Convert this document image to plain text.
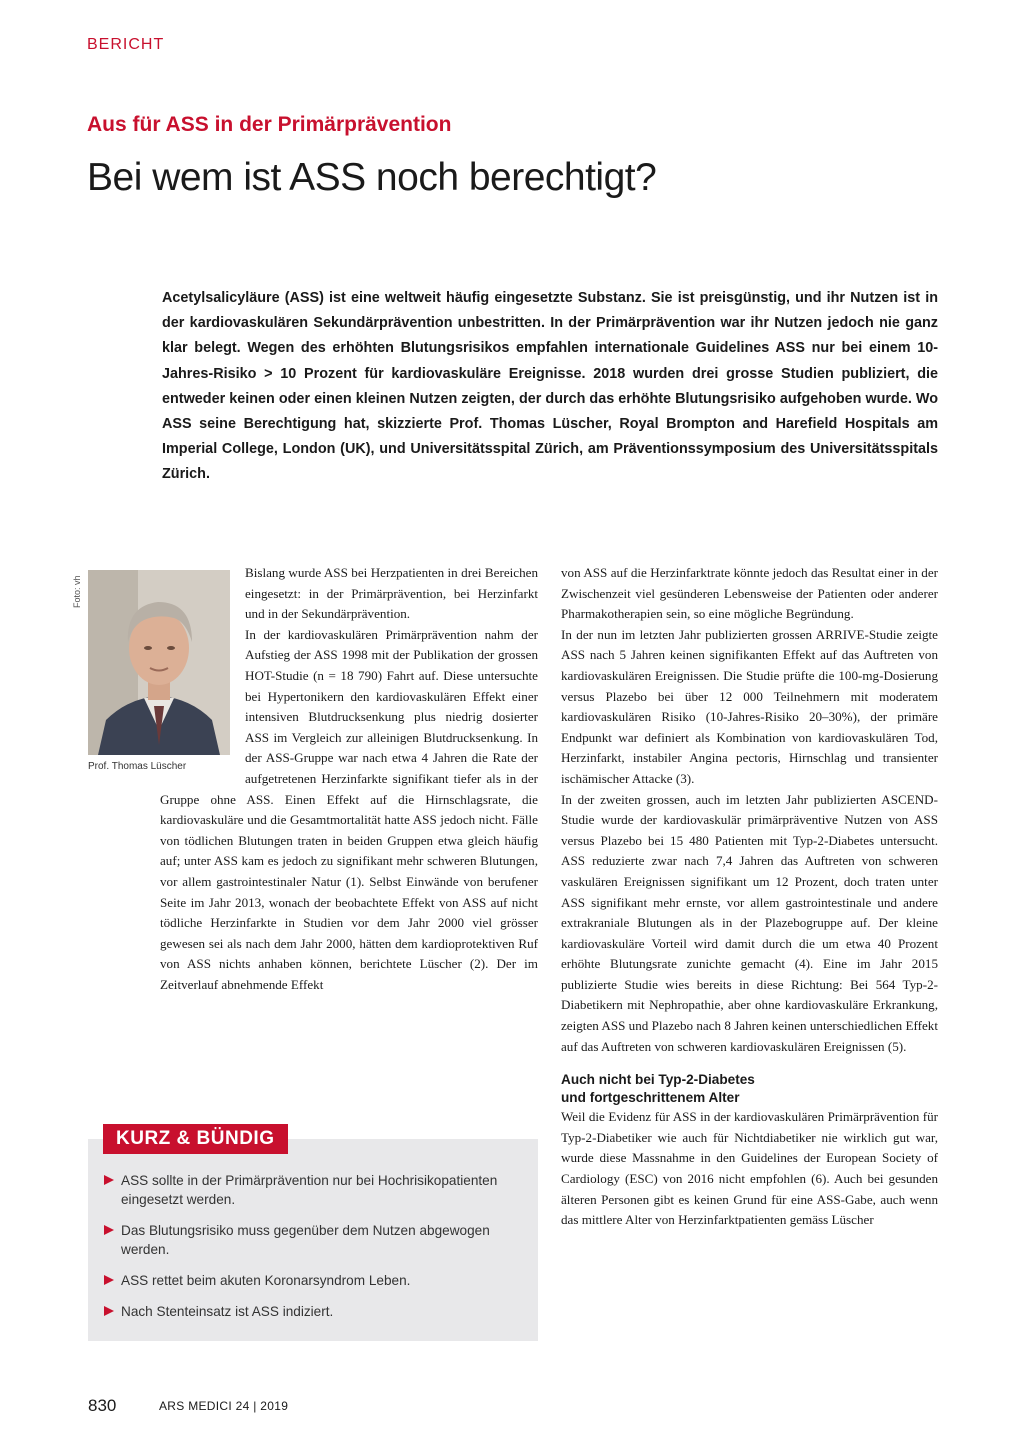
BERICHT
Aus für ASS in der Primärprävention
Bei wem ist ASS noch berechtigt?

Acetylsalicyläure (ASS) ist eine weltweit häufig eingesetzte Substanz. Sie ist preisgünstig, und ihr Nutzen ist in der kardiovaskulären Sekundärprävention unbestritten. In der Primärprävention war ihr Nutzen jedoch nie ganz klar belegt. Wegen des erhöhten Blutungsrisikos empfahlen internationale Guidelines ASS nur bei einem 10-Jahres-Risiko > 10 Prozent für kardiovaskuläre Ereignisse. 2018 wurden drei grosse Studien publiziert, die entweder keinen oder einen kleinen Nutzen zeigten, der durch das erhöhte Blutungsrisiko aufgehoben wurde. Wo ASS seine Berechtigung hat, skizzierte Prof. Thomas Lüscher, Royal Brompton and Harefield Hospitals am Imperial College, London (UK), und Universitätsspital Zürich, am Präventionssymposium des Universitätsspitals Zürich.

Foto: vh
Prof. Thomas Lüscher

Bislang wurde ASS bei Herzpatienten in drei Bereichen eingesetzt: in der Primärprävention, bei Herzinfarkt und in der Sekundärprävention.

In der kardiovaskulären Primärprävention nahm der Aufstieg der ASS 1998 mit der Publikation der grossen HOT-Studie (n = 18 790) Fahrt auf. Diese untersuchte bei Hypertonikern den kardiovaskulären Effekt einer intensiven Blutdrucksenkung plus niedrig dosierter ASS im Vergleich zur alleinigen Blutdrucksenkung. In der ASS-Gruppe war nach etwa 4 Jahren die Rate der aufgetretenen Herzinfarkte signifikant tiefer als in der Gruppe ohne ASS. Einen Effekt auf die Hirnschlagsrate, die kardiovaskuläre und die Gesamtmortalität hatte ASS jedoch nicht. Fälle von tödlichen Blutungen traten in beiden Gruppen etwa gleich häufig auf; unter ASS kam es jedoch zu signifikant mehr schweren Blutungen, vor allem gastrointestinaler Natur (1). Selbst Einwände von berufener Seite im Jahr 2013, wonach der beobachtete Effekt von ASS auf nicht tödliche Herzinfarkte in Studien vor dem Jahr 2000 viel grösser gewesen sei als nach dem Jahr 2000, hätten dem kardioprotektiven Ruf von ASS nichts anhaben können, berichtete Lüscher (2). Der im Zeitverlauf abnehmende Effekt

von ASS auf die Herzinfarktrate könnte jedoch das Resultat einer in der Zwischenzeit viel gesünderen Lebensweise der Patienten oder anderer Pharmakotherapien sein, so eine mögliche Begründung.

In der nun im letzten Jahr publizierten grossen ARRIVE-Studie zeigte ASS nach 5 Jahren keinen signifikanten Effekt auf das Auftreten von kardiovaskulären Ereignissen. Die Studie prüfte die 100-mg-Dosierung versus Plazebo bei über 12 000 Teilnehmern mit moderatem kardiovaskulären Risiko (10-Jahres-Risiko 20–30%), der primäre Endpunkt war definiert als Kombination von kardiovaskulären Tod, Herzinfarkt, instabiler Angina pectoris, Hirnschlag und transienter ischämischer Attacke (3).

In der zweiten grossen, auch im letzten Jahr publizierten ASCEND-Studie wurde der kardiovaskulär primärpräventive Nutzen von ASS versus Plazebo bei 15 480 Patienten mit Typ-2-Diabetes untersucht. ASS reduzierte zwar nach 7,4 Jahren das Auftreten von schweren vaskulären Ereignissen signifikant um 12 Prozent, doch traten unter ASS signifikant mehr ernste, vor allem gastrointestinale und andere extrakraniale Blutungen als in der Plazebogruppe auf. Der kleine kardiovaskuläre Vorteil wird damit durch die um etwa 40 Prozent erhöhte Blutungsrate zunichte gemacht (4). Eine im Jahr 2015 publizierte Studie wies bereits in diese Richtung: Bei 564 Typ-2-Diabetikern mit Nephropathie, aber ohne kardiovaskuläre Erkrankung, zeigten ASS und Plazebo nach 8 Jahren keinen unterschiedlichen Effekt auf das Auftreten von schweren kardiovaskulären Ereignissen (5).

Auch nicht bei Typ-2-Diabetes
und fortgeschrittenem Alter

Weil die Evidenz für ASS in der kardiovaskulären Primärprävention für Typ-2-Diabetiker wie auch für Nichtdiabetiker nie wirklich gut war, wurde diese Massnahme in den Guidelines der European Society of Cardiology (ESC) von 2016 nicht empfohlen (6). Auch bei gesunden älteren Personen gibt es keinen Grund für eine ASS-Gabe, auch wenn das mittlere Alter von Herzinfarktpatienten gemäss Lüscher

KURZ & BÜNDIG
ASS sollte in der Primärprävention nur bei Hochrisikopatienten eingesetzt werden.
Das Blutungsrisiko muss gegenüber dem Nutzen abgewogen werden.
ASS rettet beim akuten Koronarsyndrom Leben.
Nach Stenteinsatz ist ASS indiziert.
830	ARS MEDICI 24 | 2019
